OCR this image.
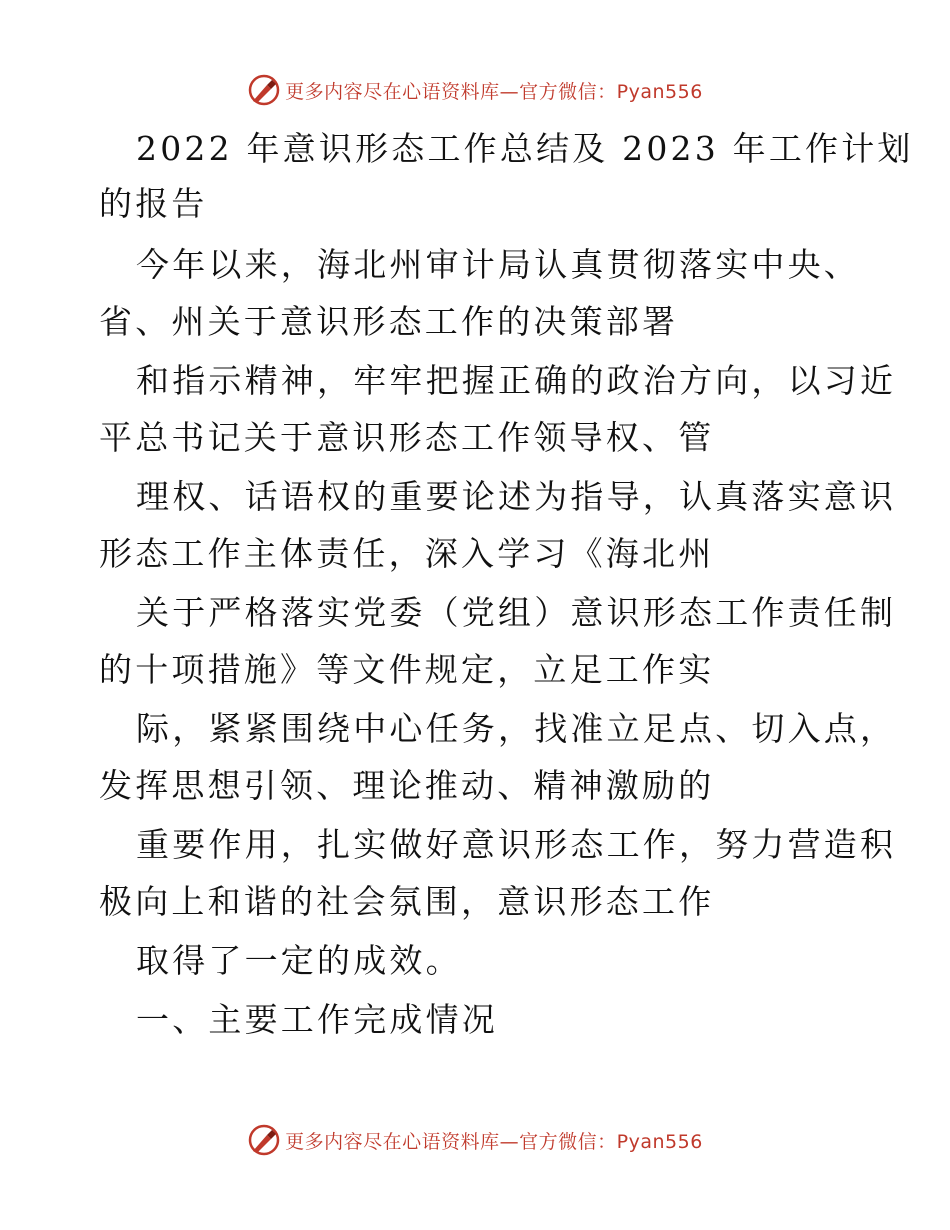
更多内容尽在心语资料库—官方微信：Pyan556
2022 年意识形态工作总结及 2023 年工作计划
的报告
今年以来，海北州审计局认真贯彻落实中央、
省、州关于意识形态工作的决策部署
和指示精神，牢牢把握正确的政治方向，以习近
平总书记关于意识形态工作领导权、管
理权、话语权的重要论述为指导，认真落实意识
形态工作主体责任，深入学习《海北州
关于严格落实党委（党组）意识形态工作责任制
的十项措施》等文件规定，立足工作实
际，紧紧围绕中心任务，找准立足点、切入点，
发挥思想引领、理论推动、精神激励的
重要作用，扎实做好意识形态工作，努力营造积
极向上和谐的社会氛围，意识形态工作
取得了一定的成效。
一、主要工作完成情况
更多内容尽在心语资料库—官方微信：Pyan556
